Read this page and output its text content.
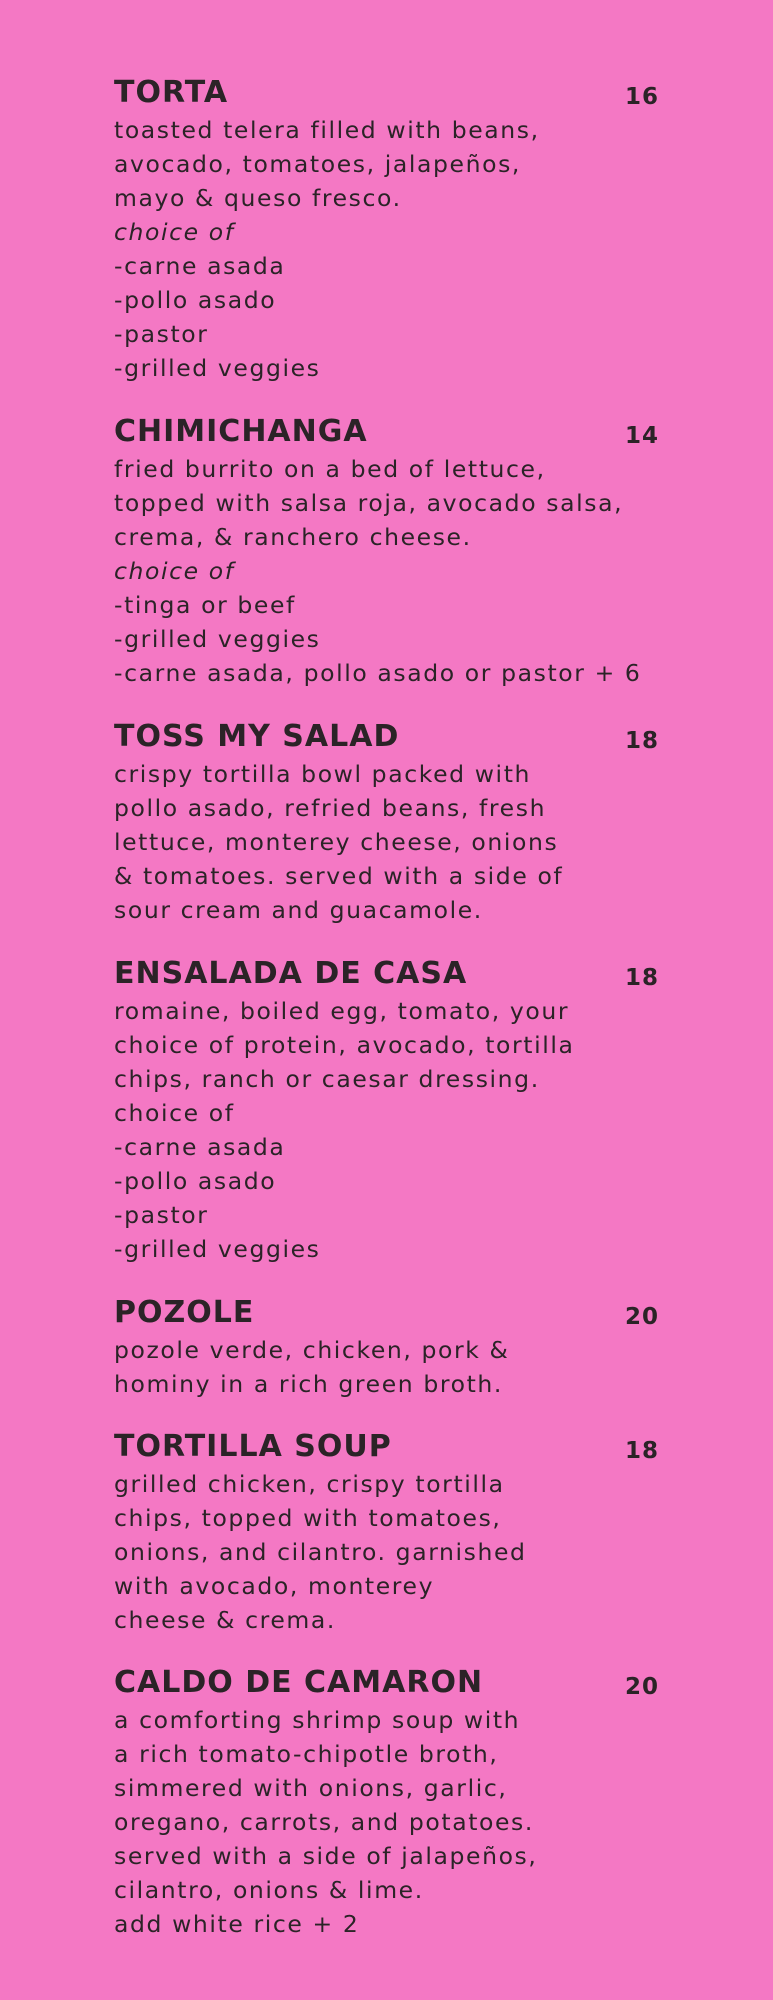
TORTA	16
toasted telera filled with beans,
avocado, tomatoes, jalapeños,
mayo & queso fresco.
choice of
-carne asada
-pollo asado
-pastor
-grilled veggies
CHIMICHANGA	14
fried burrito on a bed of lettuce,
topped with salsa roja, avocado salsa,
crema, & ranchero cheese.
choice of
-tinga or beef
-grilled veggies
-carne asada, pollo asado or pastor + 6
TOSS MY SALAD	18
crispy tortilla bowl packed with
pollo asado, refried beans, fresh
lettuce, monterey cheese, onions
& tomatoes. served with a side of
sour cream and guacamole.
ENSALADA DE CASA	18
romaine, boiled egg, tomato, your
choice of protein, avocado, tortilla
chips, ranch or caesar dressing.
choice of
-carne asada
-pollo asado
-pastor
-grilled veggies
POZOLE	20
pozole verde, chicken, pork &
hominy in a rich green broth.
TORTILLA SOUP	18
grilled chicken, crispy tortilla
chips, topped with tomatoes,
onions, and cilantro. garnished
with avocado, monterey
cheese & crema.
CALDO DE CAMARON	20
a comforting shrimp soup with
a rich tomato-chipotle broth,
simmered with onions, garlic,
oregano, carrots, and potatoes.
served with a side of jalapeños,
cilantro, onions & lime.
add white rice + 2
